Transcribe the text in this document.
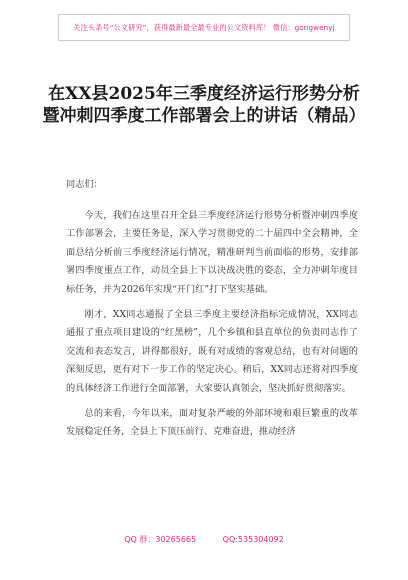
关注头条号“公文研究”，获得最新最全最专业的公文资料库！ 微信：gongwenyj
在XX县2025年三季度经济运行形势分析暨冲刺四季度工作部署会上的讲话（精品）

同志们：

今天，我们在这里召开全县三季度经济运行形势分析暨冲刺四季度工作部署会，主要任务是，深入学习贯彻党的二十届四中全会精神，全面总结分析前三季度经济运行情况，精准研判当前面临的形势，安排部署四季度重点工作，动员全县上下以决战决胜的姿态，全力冲刺年度目标任务，并为2026年实现“开门红”打下坚实基础。

刚才，XX同志通报了全县三季度主要经济指标完成情况，XX同志通报了重点项目建设的“红黑榜”，几个乡镇和县直单位的负责同志作了交流和表态发言，讲得都很好，既有对成绩的客观总结，也有对问题的深刻反思，更有对下一步工作的坚定决心。稍后，XX同志还将对四季度的具体经济工作进行全面部署，大家要认真领会，坚决抓好贯彻落实。

总的来看，今年以来，面对复杂严峻的外部环境和艰巨繁重的改革发展稳定任务，全县上下顶压前行、克难奋进，推动经济

QQ 群：30265665	QQ:535304092
